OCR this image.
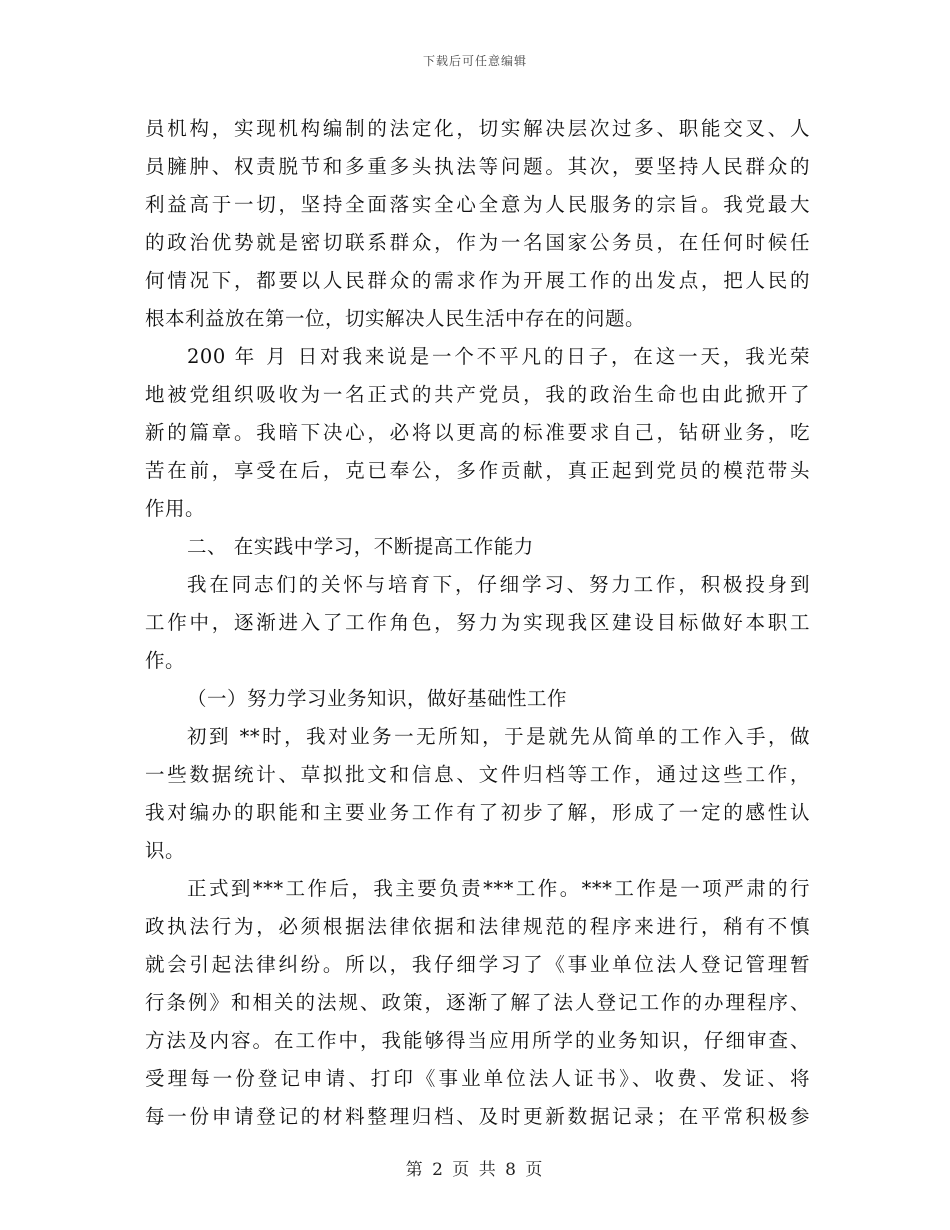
下载后可任意编辑
员机构，实现机构编制的法定化，切实解决层次过多、职能交叉、人
员臃肿、权责脱节和多重多头执法等问题。其次，要坚持人民群众的
利益高于一切，坚持全面落实全心全意为人民服务的宗旨。我党最大
的政治优势就是密切联系群众，作为一名国家公务员，在任何时候任
何情况下，都要以人民群众的需求作为开展工作的出发点，把人民的
根本利益放在第一位，切实解决人民生活中存在的问题。
200 年 月 日对我来说是一个不平凡的日子，在这一天，我光荣
地被党组织吸收为一名正式的共产党员，我的政治生命也由此掀开了
新的篇章。我暗下决心，必将以更高的标准要求自己，钻研业务，吃
苦在前，享受在后，克已奉公，多作贡献，真正起到党员的模范带头
作用。
二、 在实践中学习，不断提高工作能力
我在同志们的关怀与培育下，仔细学习、努力工作，积极投身到
工作中，逐渐进入了工作角色，努力为实现我区建设目标做好本职工
作。
（一）努力学习业务知识，做好基础性工作
初到 **时，我对业务一无所知，于是就先从简单的工作入手，做
一些数据统计、草拟批文和信息、文件归档等工作，通过这些工作，
我对编办的职能和主要业务工作有了初步了解，形成了一定的感性认
识。
正式到***工作后，我主要负责***工作。***工作是一项严肃的行
政执法行为，必须根据法律依据和法律规范的程序来进行，稍有不慎
就会引起法律纠纷。所以，我仔细学习了《事业单位法人登记管理暂
行条例》和相关的法规、政策，逐渐了解了法人登记工作的办理程序、
方法及内容。在工作中，我能够得当应用所学的业务知识，仔细审查、
受理每一份登记申请、打印《事业单位法人证书》、收费、发证、将
每一份申请登记的材料整理归档、及时更新数据记录；在平常积极参
第 2 页 共 8 页
